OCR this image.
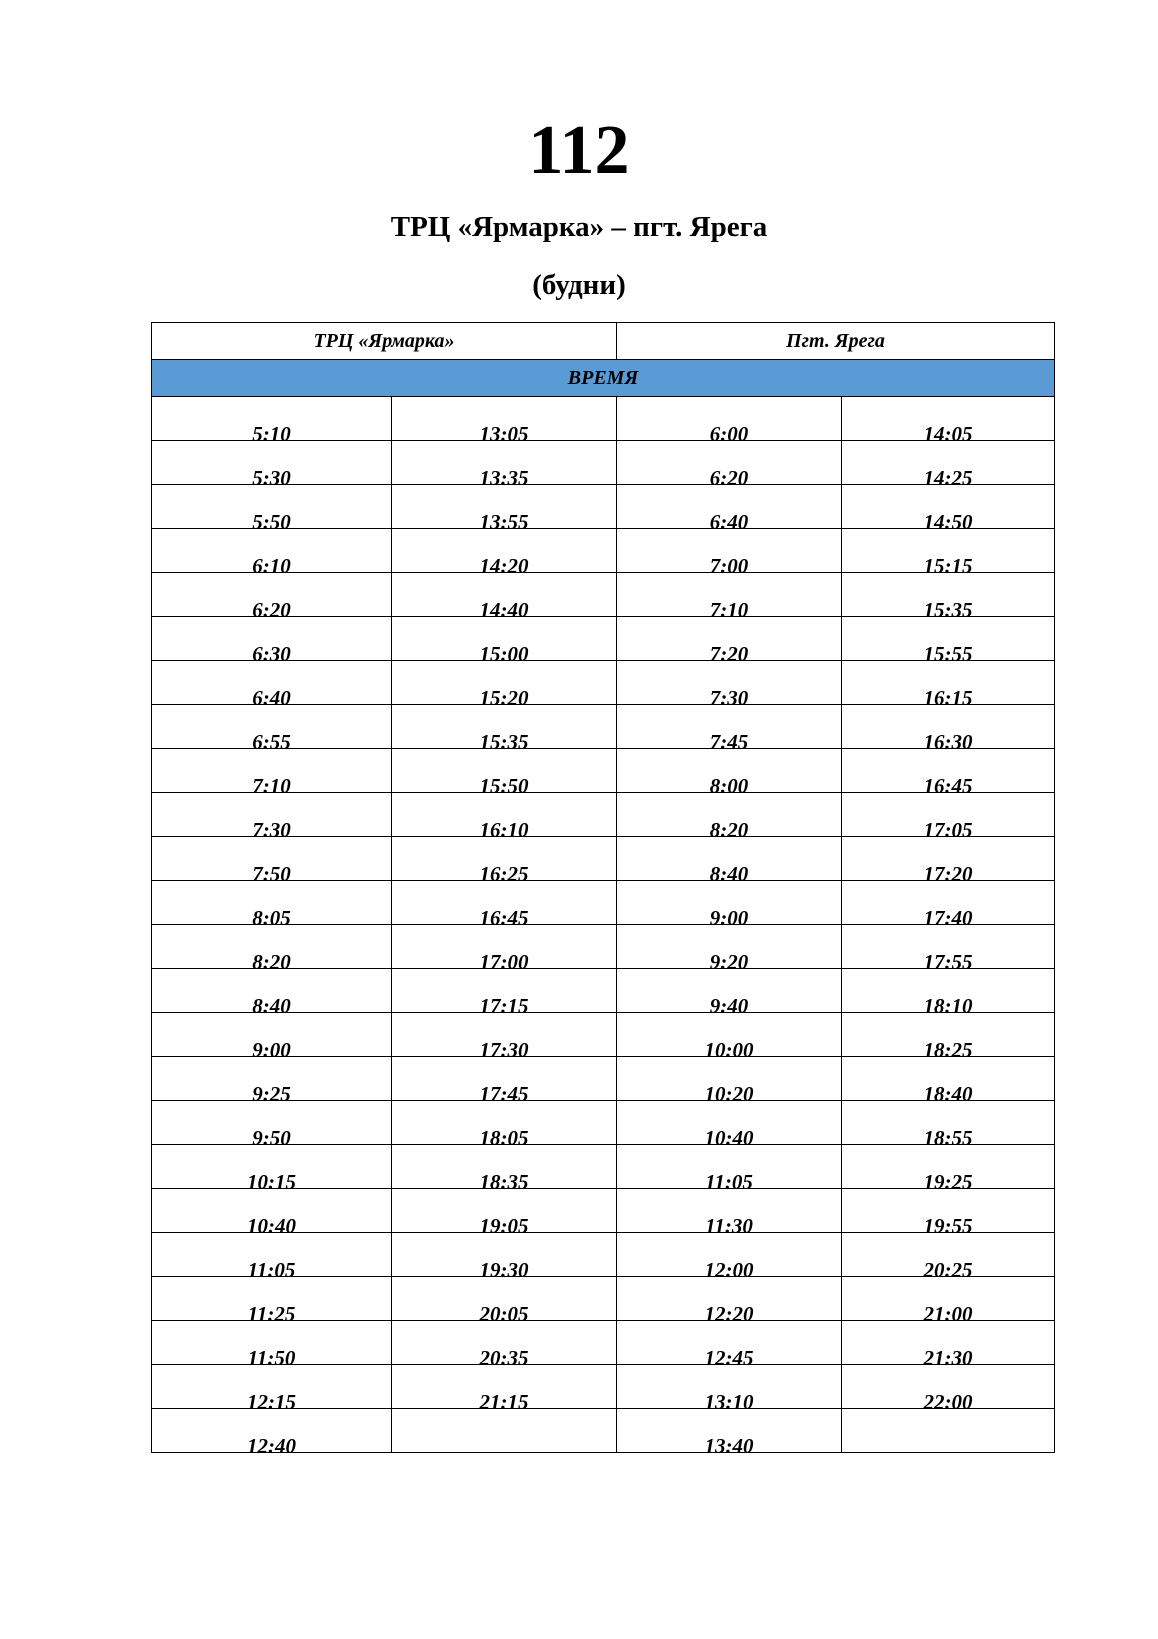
112
ТРЦ «Ярмарка» – пгт. Ярега
(будни)
ТРЦ «Ярмарка»		Пгт. Ярега	
ВРЕМЯ			
5:10	13:05	6:00	14:05
5:30	13:35	6:20	14:25
5:50	13:55	6:40	14:50
6:10	14:20	7:00	15:15
6:20	14:40	7:10	15:35
6:30	15:00	7:20	15:55
6:40	15:20	7:30	16:15
6:55	15:35	7:45	16:30
7:10	15:50	8:00	16:45
7:30	16:10	8:20	17:05
7:50	16:25	8:40	17:20
8:05	16:45	9:00	17:40
8:20	17:00	9:20	17:55
8:40	17:15	9:40	18:10
9:00	17:30	10:00	18:25
9:25	17:45	10:20	18:40
9:50	18:05	10:40	18:55
10:15	18:35	11:05	19:25
10:40	19:05	11:30	19:55
11:05	19:30	12:00	20:25
11:25	20:05	12:20	21:00
11:50	20:35	12:45	21:30
12:15	21:15	13:10	22:00
12:40		13:40	
